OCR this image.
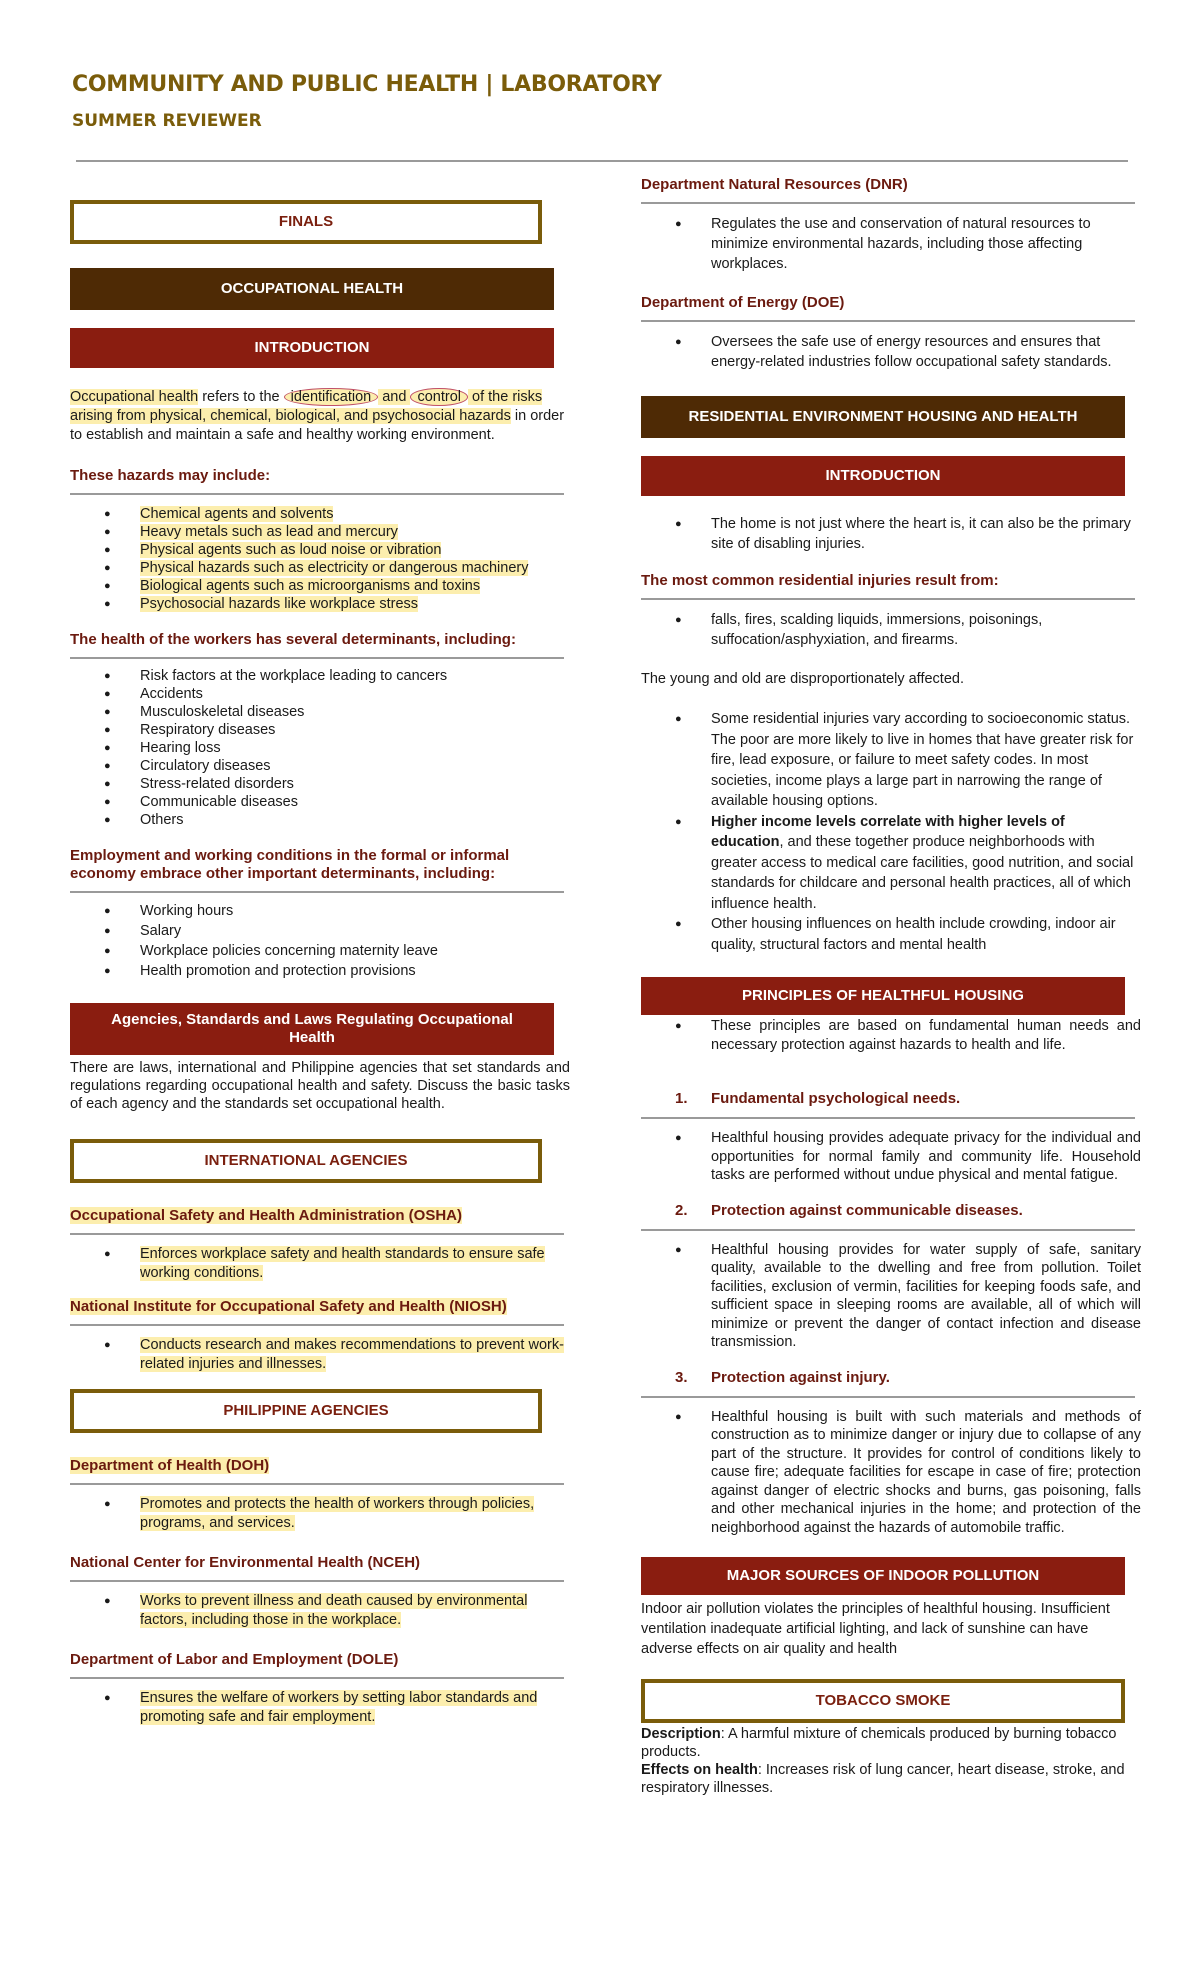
COMMUNITY AND PUBLIC HEALTH | LABORATORY
SUMMER REVIEWER
FINALS
OCCUPATIONAL HEALTH
INTRODUCTION
Occupational health refers to the identification and control of the risks arising from physical, chemical, biological, and psychosocial hazards in order to establish and maintain a safe and healthy working environment.
These hazards may include:
● Chemical agents and solvents
● Heavy metals such as lead and mercury
● Physical agents such as loud noise or vibration
● Physical hazards such as electricity or dangerous machinery
● Biological agents such as microorganisms and toxins
● Psychosocial hazards like workplace stress
The health of the workers has several determinants, including:
● Risk factors at the workplace leading to cancers
● Accidents
● Musculoskeletal diseases
● Respiratory diseases
● Hearing loss
● Circulatory diseases
● Stress-related disorders
● Communicable diseases
● Others
Employment and working conditions in the formal or informal economy embrace other important determinants, including:
● Working hours
● Salary
● Workplace policies concerning maternity leave
● Health promotion and protection provisions
Agencies, Standards and Laws Regulating Occupational Health
There are laws, international and Philippine agencies that set standards and regulations regarding occupational health and safety. Discuss the basic tasks of each agency and the standards set occupational health.
INTERNATIONAL AGENCIES
Occupational Safety and Health Administration (OSHA)
● Enforces workplace safety and health standards to ensure safe working conditions.
National Institute for Occupational Safety and Health (NIOSH)
● Conducts research and makes recommendations to prevent work-related injuries and illnesses.
PHILIPPINE AGENCIES
Department of Health (DOH)
● Promotes and protects the health of workers through policies, programs, and services.
National Center for Environmental Health (NCEH)
● Works to prevent illness and death caused by environmental factors, including those in the workplace.
Department of Labor and Employment (DOLE)
● Ensures the welfare of workers by setting labor standards and promoting safe and fair employment.
Department Natural Resources (DNR)
● Regulates the use and conservation of natural resources to minimize environmental hazards, including those affecting workplaces.
Department of Energy (DOE)
● Oversees the safe use of energy resources and ensures that energy-related industries follow occupational safety standards.
RESIDENTIAL ENVIRONMENT HOUSING AND HEALTH
INTRODUCTION
● The home is not just where the heart is, it can also be the primary site of disabling injuries.
The most common residential injuries result from:
● falls, fires, scalding liquids, immersions, poisonings, suffocation/asphyxiation, and firearms.
The young and old are disproportionately affected.
● Some residential injuries vary according to socioeconomic status. The poor are more likely to live in homes that have greater risk for fire, lead exposure, or failure to meet safety codes. In most societies, income plays a large part in narrowing the range of available housing options.
● Higher income levels correlate with higher levels of education, and these together produce neighborhoods with greater access to medical care facilities, good nutrition, and social standards for childcare and personal health practices, all of which influence health.
● Other housing influences on health include crowding, indoor air quality, structural factors and mental health
PRINCIPLES OF HEALTHFUL HOUSING
● These principles are based on fundamental human needs and necessary protection against hazards to health and life.
1. Fundamental psychological needs.
● Healthful housing provides adequate privacy for the individual and opportunities for normal family and community life. Household tasks are performed without undue physical and mental fatigue.
2. Protection against communicable diseases.
● Healthful housing provides for water supply of safe, sanitary quality, available to the dwelling and free from pollution. Toilet facilities, exclusion of vermin, facilities for keeping foods safe, and sufficient space in sleeping rooms are available, all of which will minimize or prevent the danger of contact infection and disease transmission.
3. Protection against injury.
● Healthful housing is built with such materials and methods of construction as to minimize danger or injury due to collapse of any part of the structure. It provides for control of conditions likely to cause fire; adequate facilities for escape in case of fire; protection against danger of electric shocks and burns, gas poisoning, falls and other mechanical injuries in the home; and protection of the neighborhood against the hazards of automobile traffic.
MAJOR SOURCES OF INDOOR POLLUTION
Indoor air pollution violates the principles of healthful housing. Insufficient ventilation inadequate artificial lighting, and lack of sunshine can have adverse effects on air quality and health
TOBACCO SMOKE
Description: A harmful mixture of chemicals produced by burning tobacco products.
Effects on health: Increases risk of lung cancer, heart disease, stroke, and respiratory illnesses.
